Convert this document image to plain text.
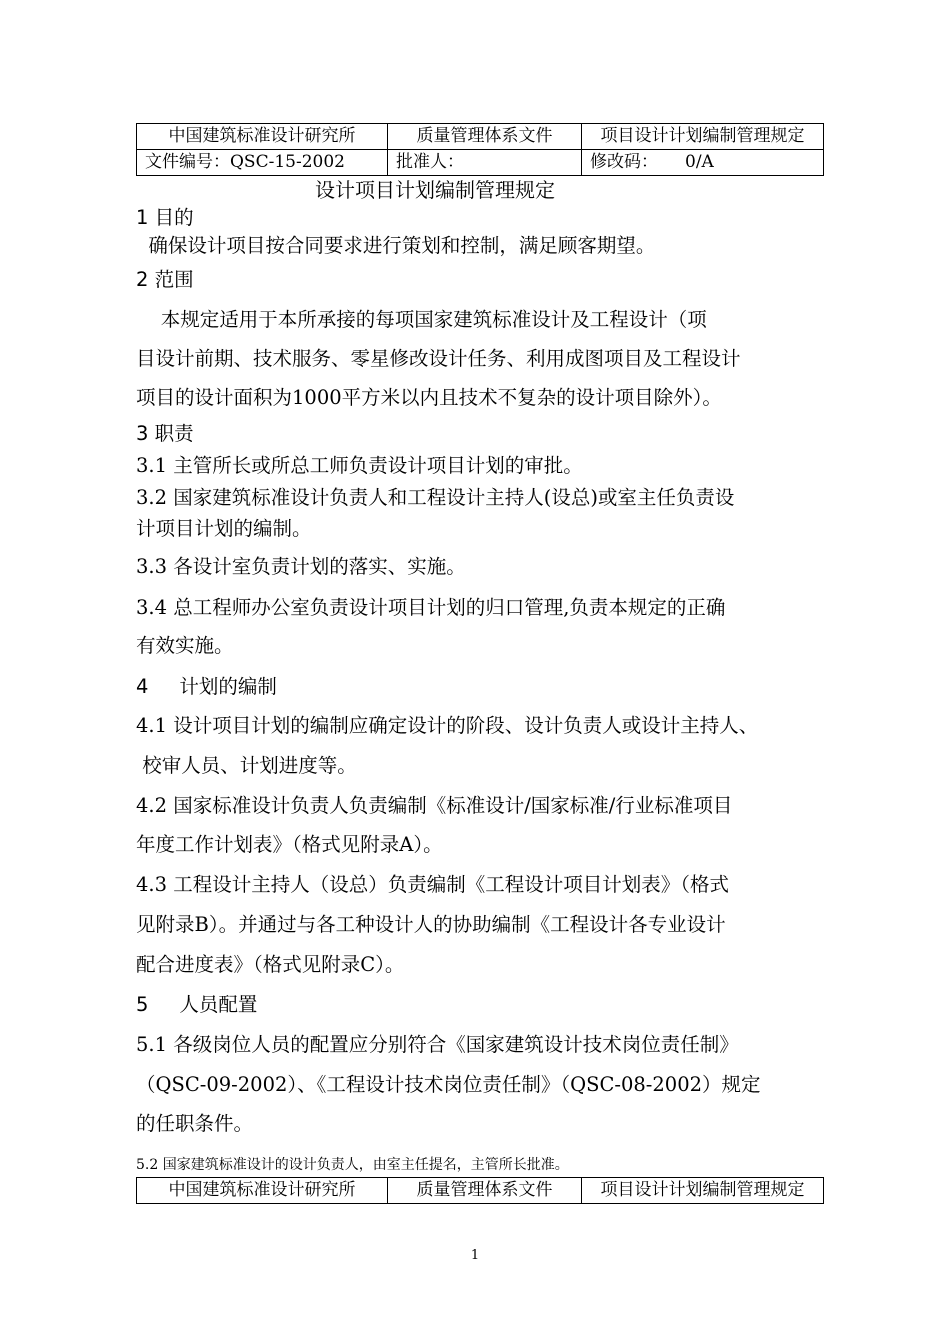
中国建筑标准设计研究所	质量管理体系文件	项目设计计划编制管理规定
文件编号：QSC-15-2002	批准人：	修改码：     0/A
设计项目计划编制管理规定
1 目的
确保设计项目按合同要求进行策划和控制，满足顾客期望。
2 范围
本规定适用于本所承接的每项国家建筑标准设计及工程设计（项
目设计前期、技术服务、零星修改设计任务、利用成图项目及工程设计
项目的设计面积为1000平方米以内且技术不复杂的设计项目除外）。
3 职责
3.1 主管所长或所总工师负责设计项目计划的审批。
3.2 国家建筑标准设计负责人和工程设计主持人(设总)或室主任负责设
计项目计划的编制。
3.3 各设计室负责计划的落实、实施。
3.4 总工程师办公室负责设计项目计划的归口管理,负责本规定的正确
有效实施。
4     计划的编制
4.1 设计项目计划的编制应确定设计的阶段、设计负责人或设计主持人、
校审人员、计划进度等。
4.2 国家标准设计负责人负责编制《标准设计/国家标准/行业标准项目
年度工作计划表》（格式见附录A）。
4.3 工程设计主持人（设总）负责编制《工程设计项目计划表》（格式
见附录B）。并通过与各工种设计人的协助编制《工程设计各专业设计
配合进度表》（格式见附录C）。
5     人员配置
5.1 各级岗位人员的配置应分别符合《国家建筑设计技术岗位责任制》
（QSC-09-2002）、《工程设计技术岗位责任制》（QSC-08-2002）规定
的任职条件。
5.2 国家建筑标准设计的设计负责人，由室主任提名，主管所长批准。
中国建筑标准设计研究所	质量管理体系文件	项目设计计划编制管理规定
1
